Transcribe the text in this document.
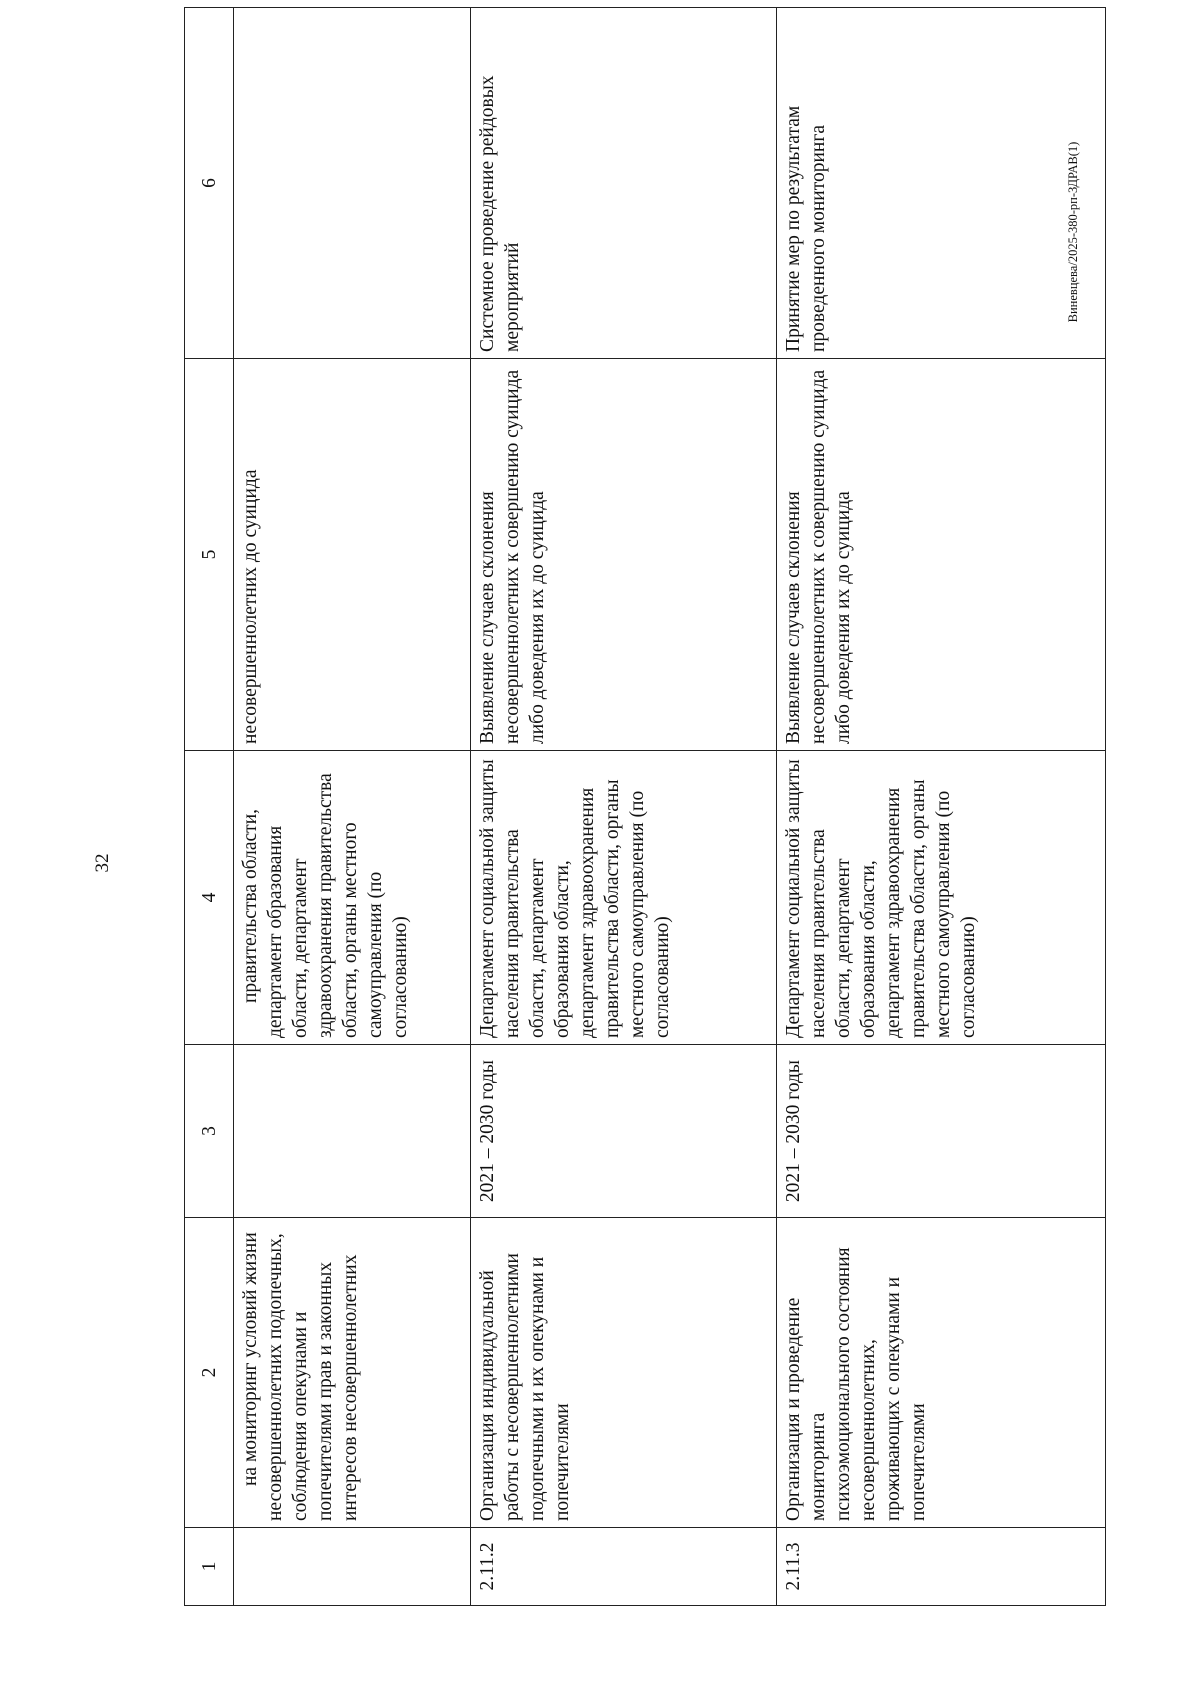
32
Виневцева/2025-380-рп-ЗДРАВ(1)
1	2	3	4	5	6
	на мониторинг условий жизни несовершеннолетних подопечных, соблюдения опекунами и попечителями прав и законных интересов несовершеннолетних		правительства области, департамент образования области, департамент здравоохранения правительства области, органы местного самоуправления (по согласованию)	несовершеннолетних до суицида	
2.11.2	Организация индивидуальной работы с несовершеннолетними подопечными и их опекунами и попечителями	2021 – 2030 годы	Департамент социальной защиты населения правительства области, департамент образования области, департамент здравоохранения правительства области, органы местного самоуправления (по согласованию)	Выявление случаев склонения несовершеннолетних к совершению суицида либо доведения их до суицида	Системное проведение рейдовых мероприятий
2.11.3	Организация и проведение мониторинга психоэмоционального состояния несовершеннолетних, проживающих с опекунами и попечителями	2021 – 2030 годы	Департамент социальной защиты населения правительства области, департамент образования области, департамент здравоохранения правительства области, органы местного самоуправления (по согласованию)	Выявление случаев склонения несовершеннолетних к совершению суицида либо доведения их до суицида	Принятие мер по результатам проведенного мониторинга
